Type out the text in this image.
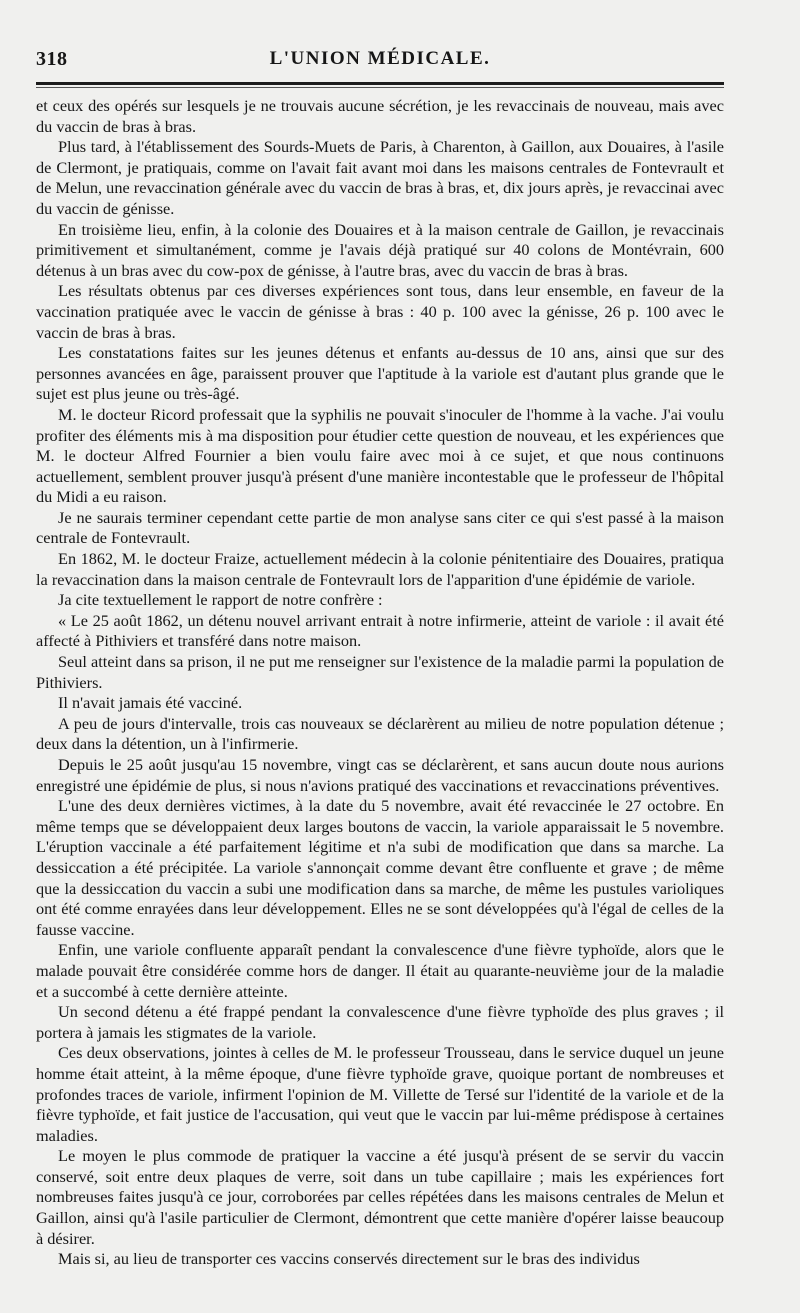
318	L'UNION MÉDICALE.

et ceux des opérés sur lesquels je ne trouvais aucune sécrétion, je les revaccinais de nouveau, mais avec du vaccin de bras à bras.

Plus tard, à l'établissement des Sourds-Muets de Paris, à Charenton, à Gaillon, aux Douaires, à l'asile de Clermont, je pratiquais, comme on l'avait fait avant moi dans les maisons centrales de Fontevrault et de Melun, une revaccination générale avec du vaccin de bras à bras, et, dix jours après, je revaccinai avec du vaccin de génisse.

En troisième lieu, enfin, à la colonie des Douaires et à la maison centrale de Gaillon, je revaccinais primitivement et simultanément, comme je l'avais déjà pratiqué sur 40 colons de Montévrain, 600 détenus à un bras avec du cow-pox de génisse, à l'autre bras, avec du vaccin de bras à bras.

Les résultats obtenus par ces diverses expériences sont tous, dans leur ensemble, en faveur de la vaccination pratiquée avec le vaccin de génisse à bras : 40 p. 100 avec la génisse, 26 p. 100 avec le vaccin de bras à bras.

Les constatations faites sur les jeunes détenus et enfants au-dessus de 10 ans, ainsi que sur des personnes avancées en âge, paraissent prouver que l'aptitude à la variole est d'autant plus grande que le sujet est plus jeune ou très-âgé.

M. le docteur Ricord professait que la syphilis ne pouvait s'inoculer de l'homme à la vache. J'ai voulu profiter des éléments mis à ma disposition pour étudier cette question de nouveau, et les expériences que M. le docteur Alfred Fournier a bien voulu faire avec moi à ce sujet, et que nous continuons actuellement, semblent prouver jusqu'à présent d'une manière incontestable que le professeur de l'hôpital du Midi a eu raison.

Je ne saurais terminer cependant cette partie de mon analyse sans citer ce qui s'est passé à la maison centrale de Fontevrault.

En 1862, M. le docteur Fraize, actuellement médecin à la colonie pénitentiaire des Douaires, pratiqua la revaccination dans la maison centrale de Fontevrault lors de l'apparition d'une épidémie de variole.

Ja cite textuellement le rapport de notre confrère :

« Le 25 août 1862, un détenu nouvel arrivant entrait à notre infirmerie, atteint de variole : il avait été affecté à Pithiviers et transféré dans notre maison.

Seul atteint dans sa prison, il ne put me renseigner sur l'existence de la maladie parmi la population de Pithiviers.

Il n'avait jamais été vacciné.

A peu de jours d'intervalle, trois cas nouveaux se déclarèrent au milieu de notre population détenue ; deux dans la détention, un à l'infirmerie.

Depuis le 25 août jusqu'au 15 novembre, vingt cas se déclarèrent, et sans aucun doute nous aurions enregistré une épidémie de plus, si nous n'avions pratiqué des vaccinations et revaccinations préventives.

L'une des deux dernières victimes, à la date du 5 novembre, avait été revaccinée le 27 octobre. En même temps que se développaient deux larges boutons de vaccin, la variole apparaissait le 5 novembre. L'éruption vaccinale a été parfaitement légitime et n'a subi de modification que dans sa marche. La dessiccation a été précipitée. La variole s'annonçait comme devant être confluente et grave ; de même que la dessiccation du vaccin a subi une modification dans sa marche, de même les pustules varioliques ont été comme enrayées dans leur développement. Elles ne se sont développées qu'à l'égal de celles de la fausse vaccine.

Enfin, une variole confluente apparaît pendant la convalescence d'une fièvre typhoïde, alors que le malade pouvait être considérée comme hors de danger. Il était au quarante-neuvième jour de la maladie et a succombé à cette dernière atteinte.

Un second détenu a été frappé pendant la convalescence d'une fièvre typhoïde des plus graves ; il portera à jamais les stigmates de la variole.

Ces deux observations, jointes à celles de M. le professeur Trousseau, dans le service duquel un jeune homme était atteint, à la même époque, d'une fièvre typhoïde grave, quoique portant de nombreuses et profondes traces de variole, infirment l'opinion de M. Villette de Tersé sur l'identité de la variole et de la fièvre typhoïde, et fait justice de l'accusation, qui veut que le vaccin par lui-même prédispose à certaines maladies.

Le moyen le plus commode de pratiquer la vaccine a été jusqu'à présent de se servir du vaccin conservé, soit entre deux plaques de verre, soit dans un tube capillaire ; mais les expériences fort nombreuses faites jusqu'à ce jour, corroborées par celles répétées dans les maisons centrales de Melun et Gaillon, ainsi qu'à l'asile particulier de Clermont, démontrent que cette manière d'opérer laisse beaucoup à désirer.

Mais si, au lieu de transporter ces vaccins conservés directement sur le bras des individus
